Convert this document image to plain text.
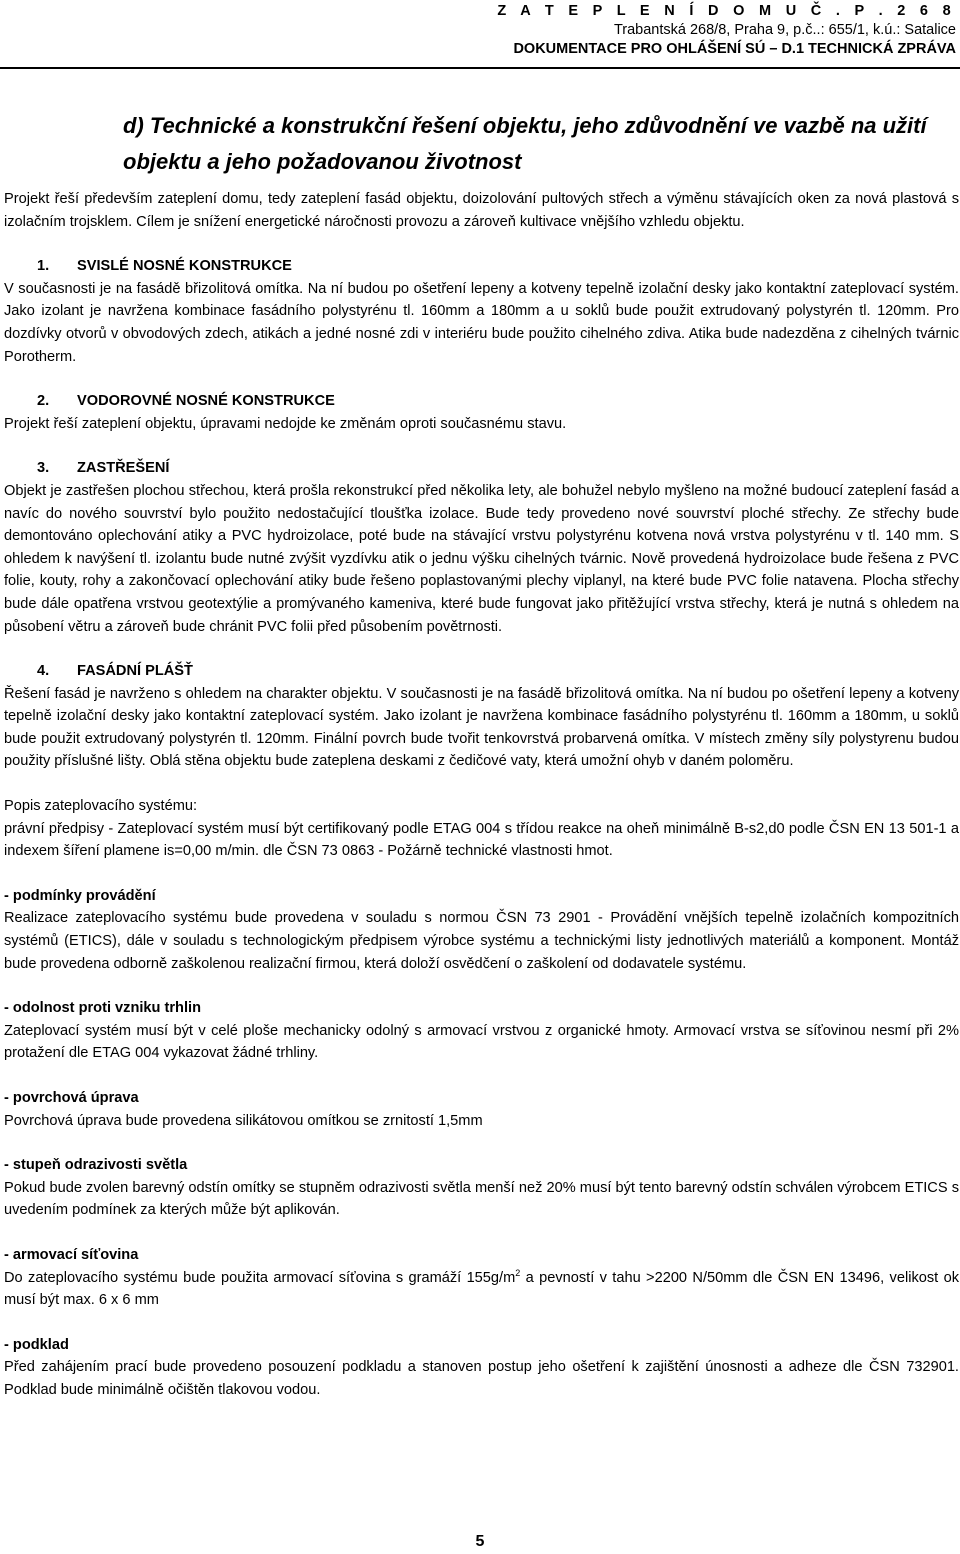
Z A T E P L E N Í D O M U Č . P . 2 6 8
Trabantská 268/8, Praha 9, p.č..: 655/1, k.ú.: Satalice
DOKUMENTACE PRO OHLÁŠENÍ SÚ – D.1 TECHNICKÁ ZPRÁVA
d) Technické a konstrukční řešení objektu, jeho zdůvodnění ve vazbě na užití objektu a jeho požadovanou životnost

Projekt řeší především zateplení domu, tedy zateplení fasád objektu, doizolování pultových střech a výměnu stávajících oken za nová plastová s izolačním trojsklem. Cílem je snížení energetické náročnosti provozu a zároveň kultivace vnějšího vzhledu objektu.

1. SVISLÉ NOSNÉ KONSTRUKCE

V současnosti je na fasádě břizolitová omítka. Na ní budou po ošetření lepeny a kotveny tepelně izolační desky jako kontaktní zateplovací systém. Jako izolant je navržena kombinace fasádního polystyrénu tl. 160mm a 180mm a u soklů bude použit extrudovaný polystyrén tl. 120mm. Pro dozdívky otvorů v obvodových zdech, atikách a jedné nosné zdi v interiéru bude použito cihelného zdiva. Atika bude nadezděna z cihelných tvárnic Porotherm.

2. VODOROVNÉ NOSNÉ KONSTRUKCE

Projekt řeší zateplení objektu, úpravami nedojde ke změnám oproti současnému stavu.

3. ZASTŘEŠENÍ

Objekt je zastřešen plochou střechou, která prošla rekonstrukcí před několika lety, ale bohužel nebylo myšleno na možné budoucí zateplení fasád a navíc do nového souvrství bylo použito nedostačující tloušťka izolace. Bude tedy provedeno nové souvrství ploché střechy. Ze střechy bude demontováno oplechování atiky a PVC hydroizolace, poté bude na stávající vrstvu polystyrénu kotvena nová vrstva polystyrénu v tl. 140 mm. S ohledem k navýšení tl. izolantu bude nutné zvýšit vyzdívku atik o jednu výšku cihelných tvárnic. Nově provedená hydroizolace bude řešena z PVC folie, kouty, rohy a zakončovací oplechování atiky bude řešeno poplastovanými plechy viplanyl, na které bude PVC folie natavena. Plocha střechy bude dále opatřena vrstvou geotextýlie a promývaného kameniva, které bude fungovat jako přitěžující vrstva střechy, která je nutná s ohledem na působení větru a zároveň bude chránit PVC folii před působením povětrnosti.

4. FASÁDNÍ PLÁŠŤ

Řešení fasád je navrženo s ohledem na charakter objektu. V současnosti je na fasádě břizolitová omítka. Na ní budou po ošetření lepeny a kotveny tepelně izolační desky jako kontaktní zateplovací systém. Jako izolant je navržena kombinace fasádního polystyrénu tl. 160mm a 180mm, u soklů bude použit extrudovaný polystyrén tl. 120mm. Finální povrch bude tvořit tenkovrstvá probarvená omítka. V místech změny síly polystyrenu budou použity příslušné lišty. Oblá stěna objektu bude zateplena deskami z čedičové vaty, která umožní ohyb v daném poloměru.

Popis zateplovacího systému:

právní předpisy - Zateplovací systém musí být certifikovaný podle ETAG 004 s třídou reakce na oheň minimálně B-s2,d0 podle ČSN EN 13 501-1 a indexem šíření plamene is=0,00 m/min. dle ČSN 73 0863 - Požárně technické vlastnosti hmot.

- podmínky provádění

Realizace zateplovacího systému bude provedena v souladu s normou ČSN 73 2901 - Provádění vnějších tepelně izolačních kompozitních systémů (ETICS), dále v souladu s technologickým předpisem výrobce systému a technickými listy jednotlivých materiálů a komponent. Montáž bude provedena odborně zaškolenou realizační firmou, která doloží osvědčení o zaškolení od dodavatele systému.

- odolnost proti vzniku trhlin

Zateplovací systém musí být v celé ploše mechanicky odolný s armovací vrstvou z organické hmoty. Armovací vrstva se síťovinou nesmí při 2% protažení dle ETAG 004 vykazovat žádné trhliny.

- povrchová úprava

Povrchová úprava bude provedena silikátovou omítkou se zrnitostí 1,5mm

- stupeň odrazivosti světla

Pokud bude zvolen barevný odstín omítky se stupněm odrazivosti světla menší než 20% musí být tento barevný odstín schválen výrobcem ETICS s uvedením podmínek za kterých může být aplikován.

- armovací síťovina

Do zateplovacího systému bude použita armovací síťovina s gramáží $155g/m^2$ a pevností v tahu >2200 N/50mm dle ČSN EN 13496, velikost ok musí být max. 6 x 6 mm

- podklad

Před zahájením prací bude provedeno posouzení podkladu a stanoven postup jeho ošetření k zajištění únosnosti a adheze dle ČSN 732901. Podklad bude minimálně očištěn tlakovou vodou.

5
